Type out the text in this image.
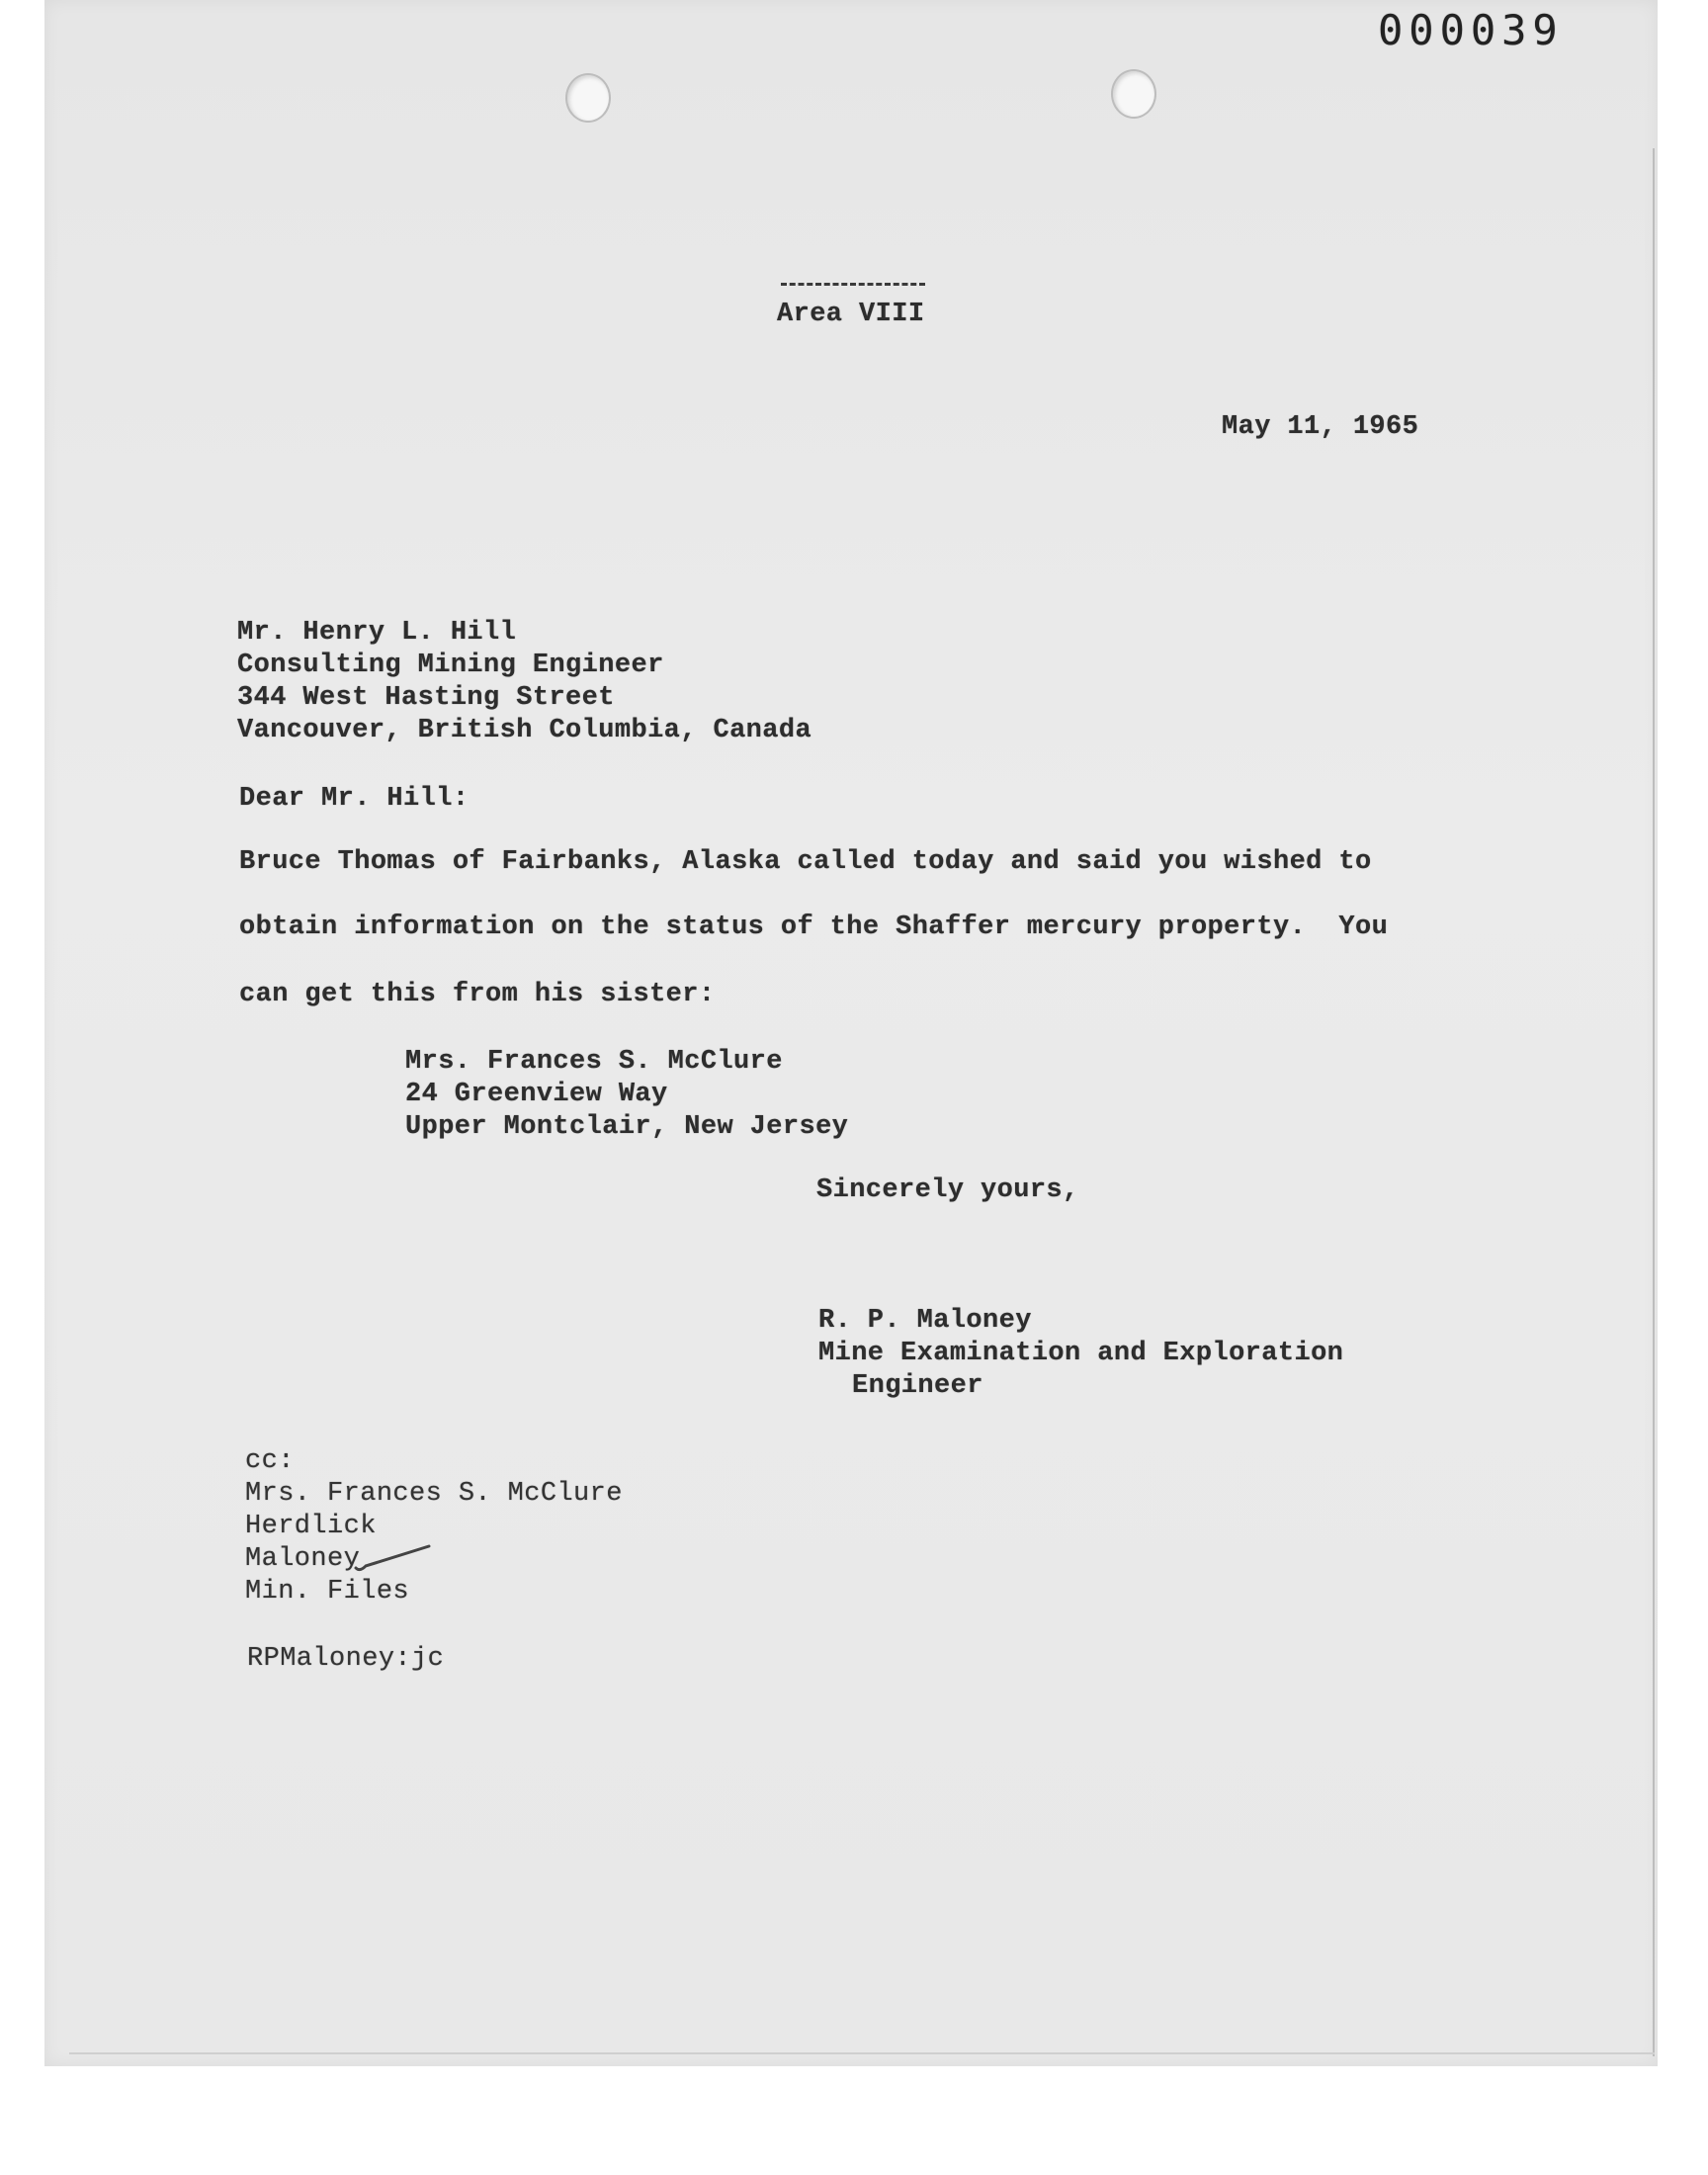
000039
Area VIII
May 11, 1965
Mr. Henry L. Hill
Consulting Mining Engineer
344 West Hasting Street
Vancouver, British Columbia, Canada
Dear Mr. Hill:
Bruce Thomas of Fairbanks, Alaska called today and said you wished to
obtain information on the status of the Shaffer mercury property.  You
can get this from his sister:
Mrs. Frances S. McClure
24 Greenview Way
Upper Montclair, New Jersey
Sincerely yours,
R. P. Maloney
Mine Examination and Exploration
Engineer
cc:
Mrs. Frances S. McClure
Herdlick
Maloney
Min. Files
RPMaloney:jc
